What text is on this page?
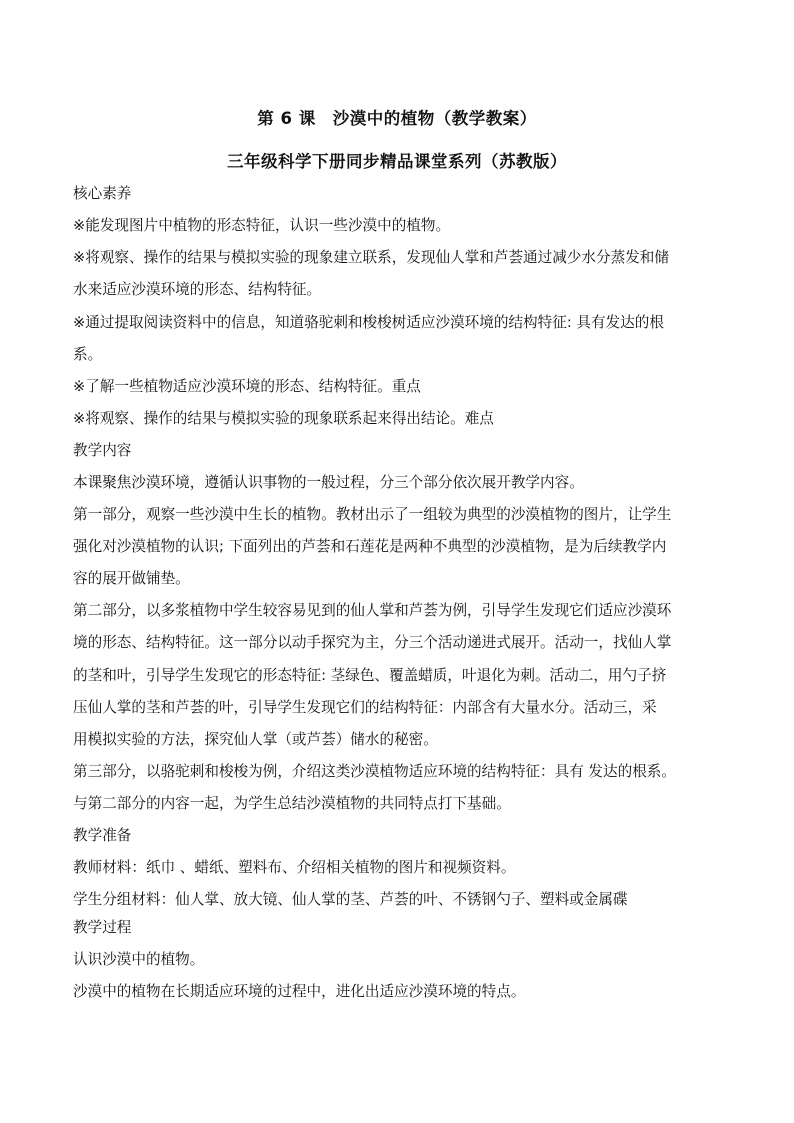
第 6 课　沙漠中的植物（教学教案）
三年级科学下册同步精品课堂系列（苏教版）
核心素养
※能发现图片中植物的形态特征，认识一些沙漠中的植物。
※将观察、操作的结果与模拟实验的现象建立联系，发现仙人掌和芦荟通过减少水分蒸发和储
水来适应沙漠环境的形态、结构特征。
※通过提取阅读资料中的信息，知道骆驼刺和梭梭树适应沙漠环境的结构特征: 具有发达的根
系。
※了解一些植物适应沙漠环境的形态、结构特征。重点
※将观察、操作的结果与模拟实验的现象联系起来得出结论。难点
教学内容
本课聚焦沙漠环境，遵循认识事物的一般过程，分三个部分依次展开教学内容。
第一部分，观察一些沙漠中生长的植物。教材出示了一组较为典型的沙漠植物的图片，让学生
强化对沙漠植物的认识; 下面列出的芦荟和石莲花是两种不典型的沙漠植物，是为后续教学内
容的展开做铺垫。
第二部分，以多浆植物中学生较容易见到的仙人掌和芦荟为例，引导学生发现它们适应沙漠环
境的形态、结构特征。这一部分以动手探究为主，分三个活动递进式展开。活动一，找仙人掌
的茎和叶，引导学生发现它的形态特征: 茎绿色、覆盖蜡质，叶退化为刺。活动二，用勺子挤
压仙人掌的茎和芦荟的叶，引导学生发现它们的结构特征：内部含有大量水分。活动三，采
用模拟实验的方法，探究仙人掌（或芦荟）储水的秘密。
第三部分，以骆驼刺和梭梭为例，介绍这类沙漠植物适应环境的结构特征：具有 发达的根系。
与第二部分的内容一起，为学生总结沙漠植物的共同特点打下基础。
教学准备
教师材料：纸巾 、蜡纸、塑料布、介绍相关植物的图片和视频资料。
学生分组材料：仙人掌、放大镜、仙人掌的茎、芦荟的叶、不锈钢勺子、塑料或金属碟
教学过程
认识沙漠中的植物。
沙漠中的植物在长期适应环境的过程中，进化出适应沙漠环境的特点。
